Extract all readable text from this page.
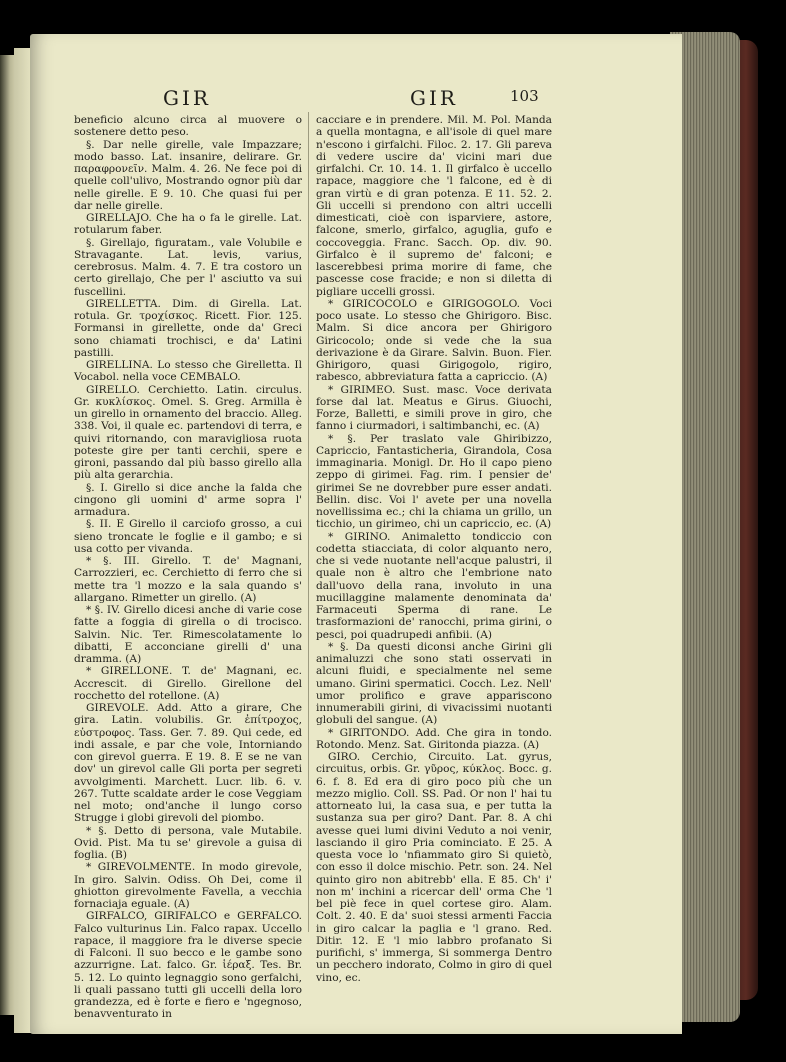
GIR	GIR	103

beneficio alcuno circa al muovere o sostenere detto peso.

§. Dar nelle girelle, vale Impazzare; modo basso. Lat. insanire, delirare. Gr. παραφρονεῖν. Malm. 4. 26. Ne fece poi di quelle coll'ulivo, Mostrando ognor più dar nelle girelle. E 9. 10. Che quasi fui per dar nelle girelle.

GIRELLAJO. Che ha o fa le girelle. Lat. rotularum faber.

§. Girellajo, figuratam., vale Volubile e Stravagante. Lat. levis, varius, cerebrosus. Malm. 4. 7. E tra costoro un certo girellajo, Che per l' asciutto va sui fuscellini.

GIRELLETTA. Dim. di Girella. Lat. rotula. Gr. τροχίσκος. Ricett. Fior. 125. Formansi in girellette, onde da' Greci sono chiamati trochisci, e da' Latini pastilli.

GIRELLINA. Lo stesso che Girelletta. Il Vocabol. nella voce CEMBALO.

GIRELLO. Cerchietto. Latin. circulus. Gr. κυκλίσκος. Omel. S. Greg. Armilla è un girello in ornamento del braccio. Alleg. 338. Voi, il quale ec. partendovi di terra, e quivi ritornando, con maravigliosa ruota poteste gire per tanti cerchii, spere e gironi, passando dal più basso girello alla più alta gerarchia.

§. I. Girello si dice anche la falda che cingono gli uomini d' arme sopra l' armadura.

§. II. E Girello il carciofo grosso, a cui sieno troncate le foglie e il gambo; e si usa cotto per vivanda.

* §. III. Girello. T. de' Magnani, Carrozzieri, ec. Cerchietto di ferro che si mette tra 'l mozzo e la sala quando s' allargano. Rimetter un girello. (A)

* §. IV. Girello dicesi anche di varie cose fatte a foggia di girella o di trocisco. Salvin. Nic. Ter. Rimescolatamente lo dibatti, E acconciane girelli d' una dramma. (A)

* GIRELLONE. T. de' Magnani, ec. Accrescit. di Girello. Girellone del rocchetto del rotellone. (A)

GIREVOLE. Add. Atto a girare, Che gira. Latin. volubilis. Gr. ἐπίτροχος, εὐστροφος. Tass. Ger. 7. 89. Qui cede, ed indi assale, e par che vole, Intorniando con girevol guerra. E 19. 8. E se ne van dov' un girevol calle Gli porta per segreti avvolgimenti. Marchett. Lucr. lib. 6. v. 267. Tutte scaldate arder le cose Veggiam nel moto; ond'anche il lungo corso Strugge i globi girevoli del piombo.

* §. Detto di persona, vale Mutabile. Ovid. Pist. Ma tu se' girevole a guisa di foglia. (B)

* GIREVOLMENTE. In modo girevole, In giro. Salvin. Odiss. Oh Dei, come il ghiotton girevolmente Favella, a vecchia fornaciaja eguale. (A)

GIRFALCO, GIRIFALCO e GERFALCO. Falco vulturinus Lin. Falco rapax. Uccello rapace, il maggiore fra le diverse specie di Falconi. Il suo becco e le gambe sono azzurrigne. Lat. falco. Gr. ἱέραξ. Tes. Br. 5. 12. Lo quinto legnaggio sono gerfalchi, li quali passano tutti gli uccelli della loro grandezza, ed è forte e fiero e 'ngegnoso, benavventurato in

cacciare e in prendere. Mil. M. Pol. Manda a quella montagna, e all'isole di quel mare n'escono i girfalchi. Filoc. 2. 17. Gli pareva di vedere uscire da' vicini mari due girfalchi. Cr. 10. 14. 1. Il girfalco è uccello rapace, maggiore che 'l falcone, ed è di gran virtù e di gran potenza. E 11. 52. 2. Gli uccelli si prendono con altri uccelli dimesticati, cioè con isparviere, astore, falcone, smerlo, girfalco, aguglia, gufo e coccoveggia. Franc. Sacch. Op. div. 90. Girfalco è il supremo de' falconi; e lascerebbesi prima morire di fame, che pascesse cose fracide; e non si diletta di pigliare uccelli grossi.

* GIRICOCOLO e GIRIGOGOLO. Voci poco usate. Lo stesso che Ghirigoro. Bisc. Malm. Si dice ancora per Ghirigoro Giricocolo; onde si vede che la sua derivazione è da Girare. Salvin. Buon. Fier. Ghirigoro, quasi Girigogolo, rigiro, rabesco, abbreviatura fatta a capriccio. (A)

* GIRIMEO. Sust. masc. Voce derivata forse dal lat. Meatus e Girus. Giuochi, Forze, Balletti, e simili prove in giro, che fanno i ciurmadori, i saltimbanchi, ec. (A)

* §. Per traslato vale Ghiribizzo, Capriccio, Fantasticheria, Girandola, Cosa immaginaria. Monigl. Dr. Ho il capo pieno zeppo di girimei. Fag. rim. I pensier de' girimei Se ne dovrebber pure esser andati. Bellin. disc. Voi l' avete per una novella novellissima ec.; chi la chiama un grillo, un ticchio, un girimeo, chi un capriccio, ec. (A)

* GIRINO. Animaletto tondiccio con codetta stiacciata, di color alquanto nero, che si vede nuotante nell'acque palustri, il quale non è altro che l'embrione nato dall'uovo della rana, involuto in una mucillaggine malamente denominata da' Farmaceuti Sperma di rane. Le trasformazioni de' ranocchi, prima girini, o pesci, poi quadrupedi anfibii. (A)

* §. Da questi diconsi anche Girini gli animaluzzi che sono stati osservati in alcuni fluidi, e specialmente nel seme umano. Girini spermatici. Cocch. Lez. Nell' umor prolifico e grave appariscono innumerabili girini, di vivacissimi nuotanti globuli del sangue. (A)

* GIRITONDO. Add. Che gira in tondo. Rotondo. Menz. Sat. Giritonda piazza. (A)

GIRO. Cerchio, Circuito. Lat. gyrus, circuitus, orbis. Gr. γῦρος, κύκλος. Bocc. g. 6. f. 8. Ed era di giro poco più che un mezzo miglio. Coll. SS. Pad. Or non l' hai tu attorneato lui, la casa sua, e per tutta la sustanza sua per giro? Dant. Par. 8. A chi avesse quei lumi divini Veduto a noi venir, lasciando il giro Pria cominciato. E 25. A questa voce lo 'nfiammato giro Si quietò, con esso il dolce mischio. Petr. son. 24. Nel quinto giro non abitrebb' ella. E 85. Ch' i' non m' inchini a ricercar dell' orma Che 'l bel piè fece in quel cortese giro. Alam. Colt. 2. 40. E da' suoi stessi armenti Faccia in giro calcar la paglia e 'l grano. Red. Ditir. 12. E 'l mio labbro profanato Si purifichi, s' immerga, Si sommerga Dentro un pecchero indorato, Colmo in giro di quel vino, ec.
